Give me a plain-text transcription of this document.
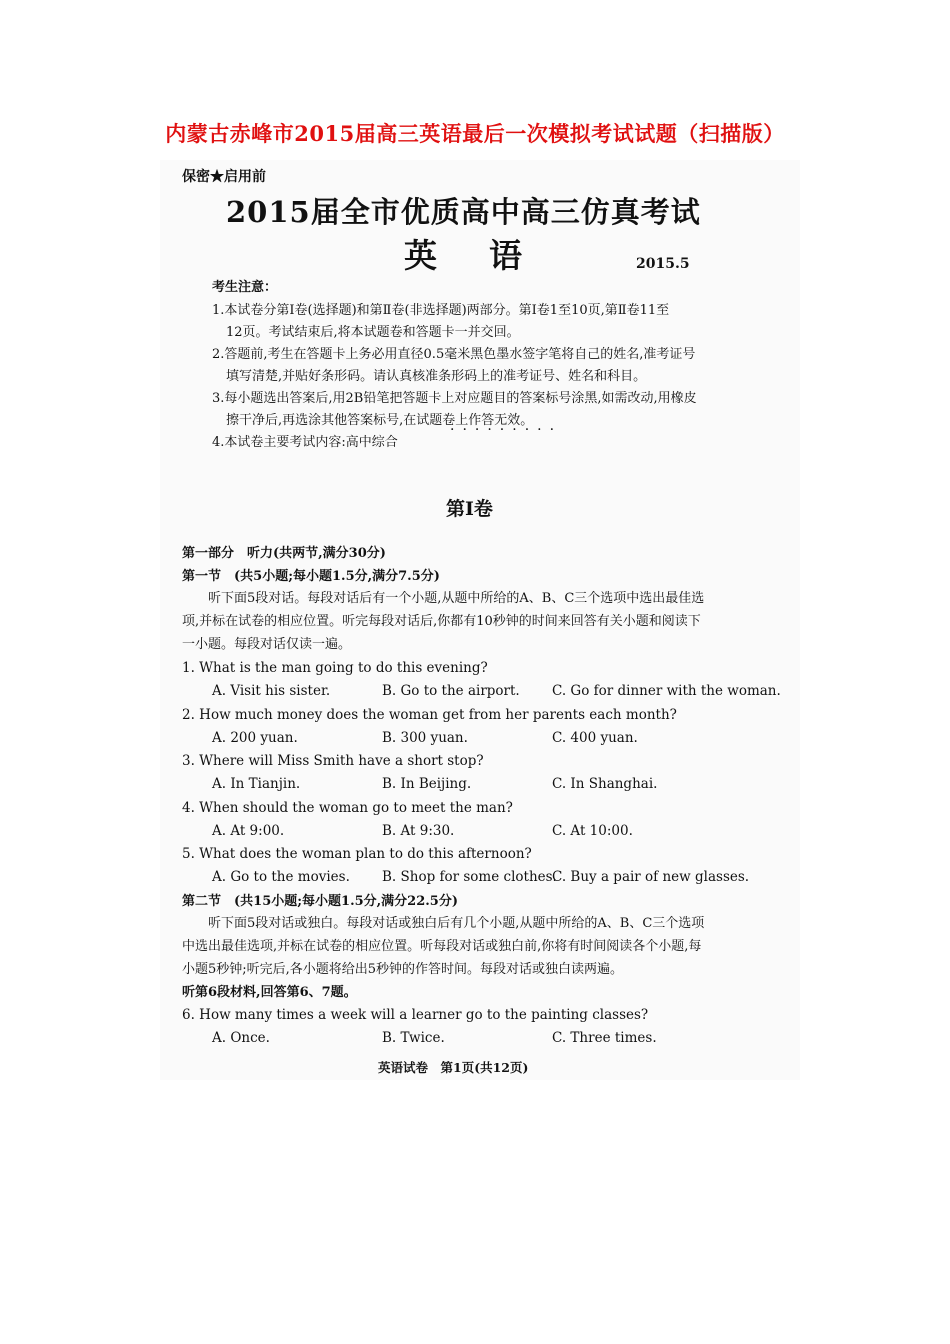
内蒙古赤峰市2015届高三英语最后一次模拟考试试题（扫描版）
保密★启用前
2015届全市优质高中高三仿真考试
英语	2015.5
考生注意：
1.本试卷分第Ⅰ卷(选择题)和第Ⅱ卷(非选择题)两部分。第Ⅰ卷1至10页,第Ⅱ卷11至
12页。考试结束后,将本试题卷和答题卡一并交回。
2.答题前,考生在答题卡上务必用直径0.5毫米黑色墨水签字笔将自己的姓名,准考证号
填写清楚,并贴好条形码。请认真核准条形码上的准考证号、姓名和科目。
3.每小题选出答案后,用2B铅笔把答题卡上对应题目的答案标号涂黑,如需改动,用橡皮
擦干净后,再选涂其他答案标号,在试题卷上作答无效。
·········
4.本试卷主要考试内容:高中综合
第Ⅰ卷
第一部分　听力(共两节,满分30分)
第一节　(共5小题;每小题1.5分,满分7.5分)
　　听下面5段对话。每段对话后有一个小题,从题中所给的A、B、C三个选项中选出最佳选
项,并标在试卷的相应位置。听完每段对话后,你都有10秒钟的时间来回答有关小题和阅读下
一小题。每段对话仅读一遍。
1. What is the man going to do this evening?
A. Visit his sister.	B. Go to the airport. C. Go for dinner with the woman.
2. How much money does the woman get from her parents each month?
A. 200 yuan.	B. 300 yuan.	C. 400 yuan.
3. Where will Miss Smith have a short stop?
A. In Tianjin.	B. In Beijing.	C. In Shanghai.
4. When should the woman go to meet the man?
A. At 9:00.	B. At 9:30.	C. At 10:00.
5. What does the woman plan to do this afternoon?
A. Go to the movies. B. Shop for some clothes.
C. Buy a pair of new glasses.
第二节　(共15小题;每小题1.5分,满分22.5分)
　　听下面5段对话或独白。每段对话或独白后有几个小题,从题中所给的A、B、C三个选项
中选出最佳选项,并标在试卷的相应位置。听每段对话或独白前,你将有时间阅读各个小题,每
小题5秒钟;听完后,各小题将给出5秒钟的作答时间。每段对话或独白读两遍。
听第6段材料,回答第6、7题。
6. How many times a week will a learner go to the painting classes?
A. Once.	B. Twice.	C. Three times.
英语试卷　第1页(共12页)
